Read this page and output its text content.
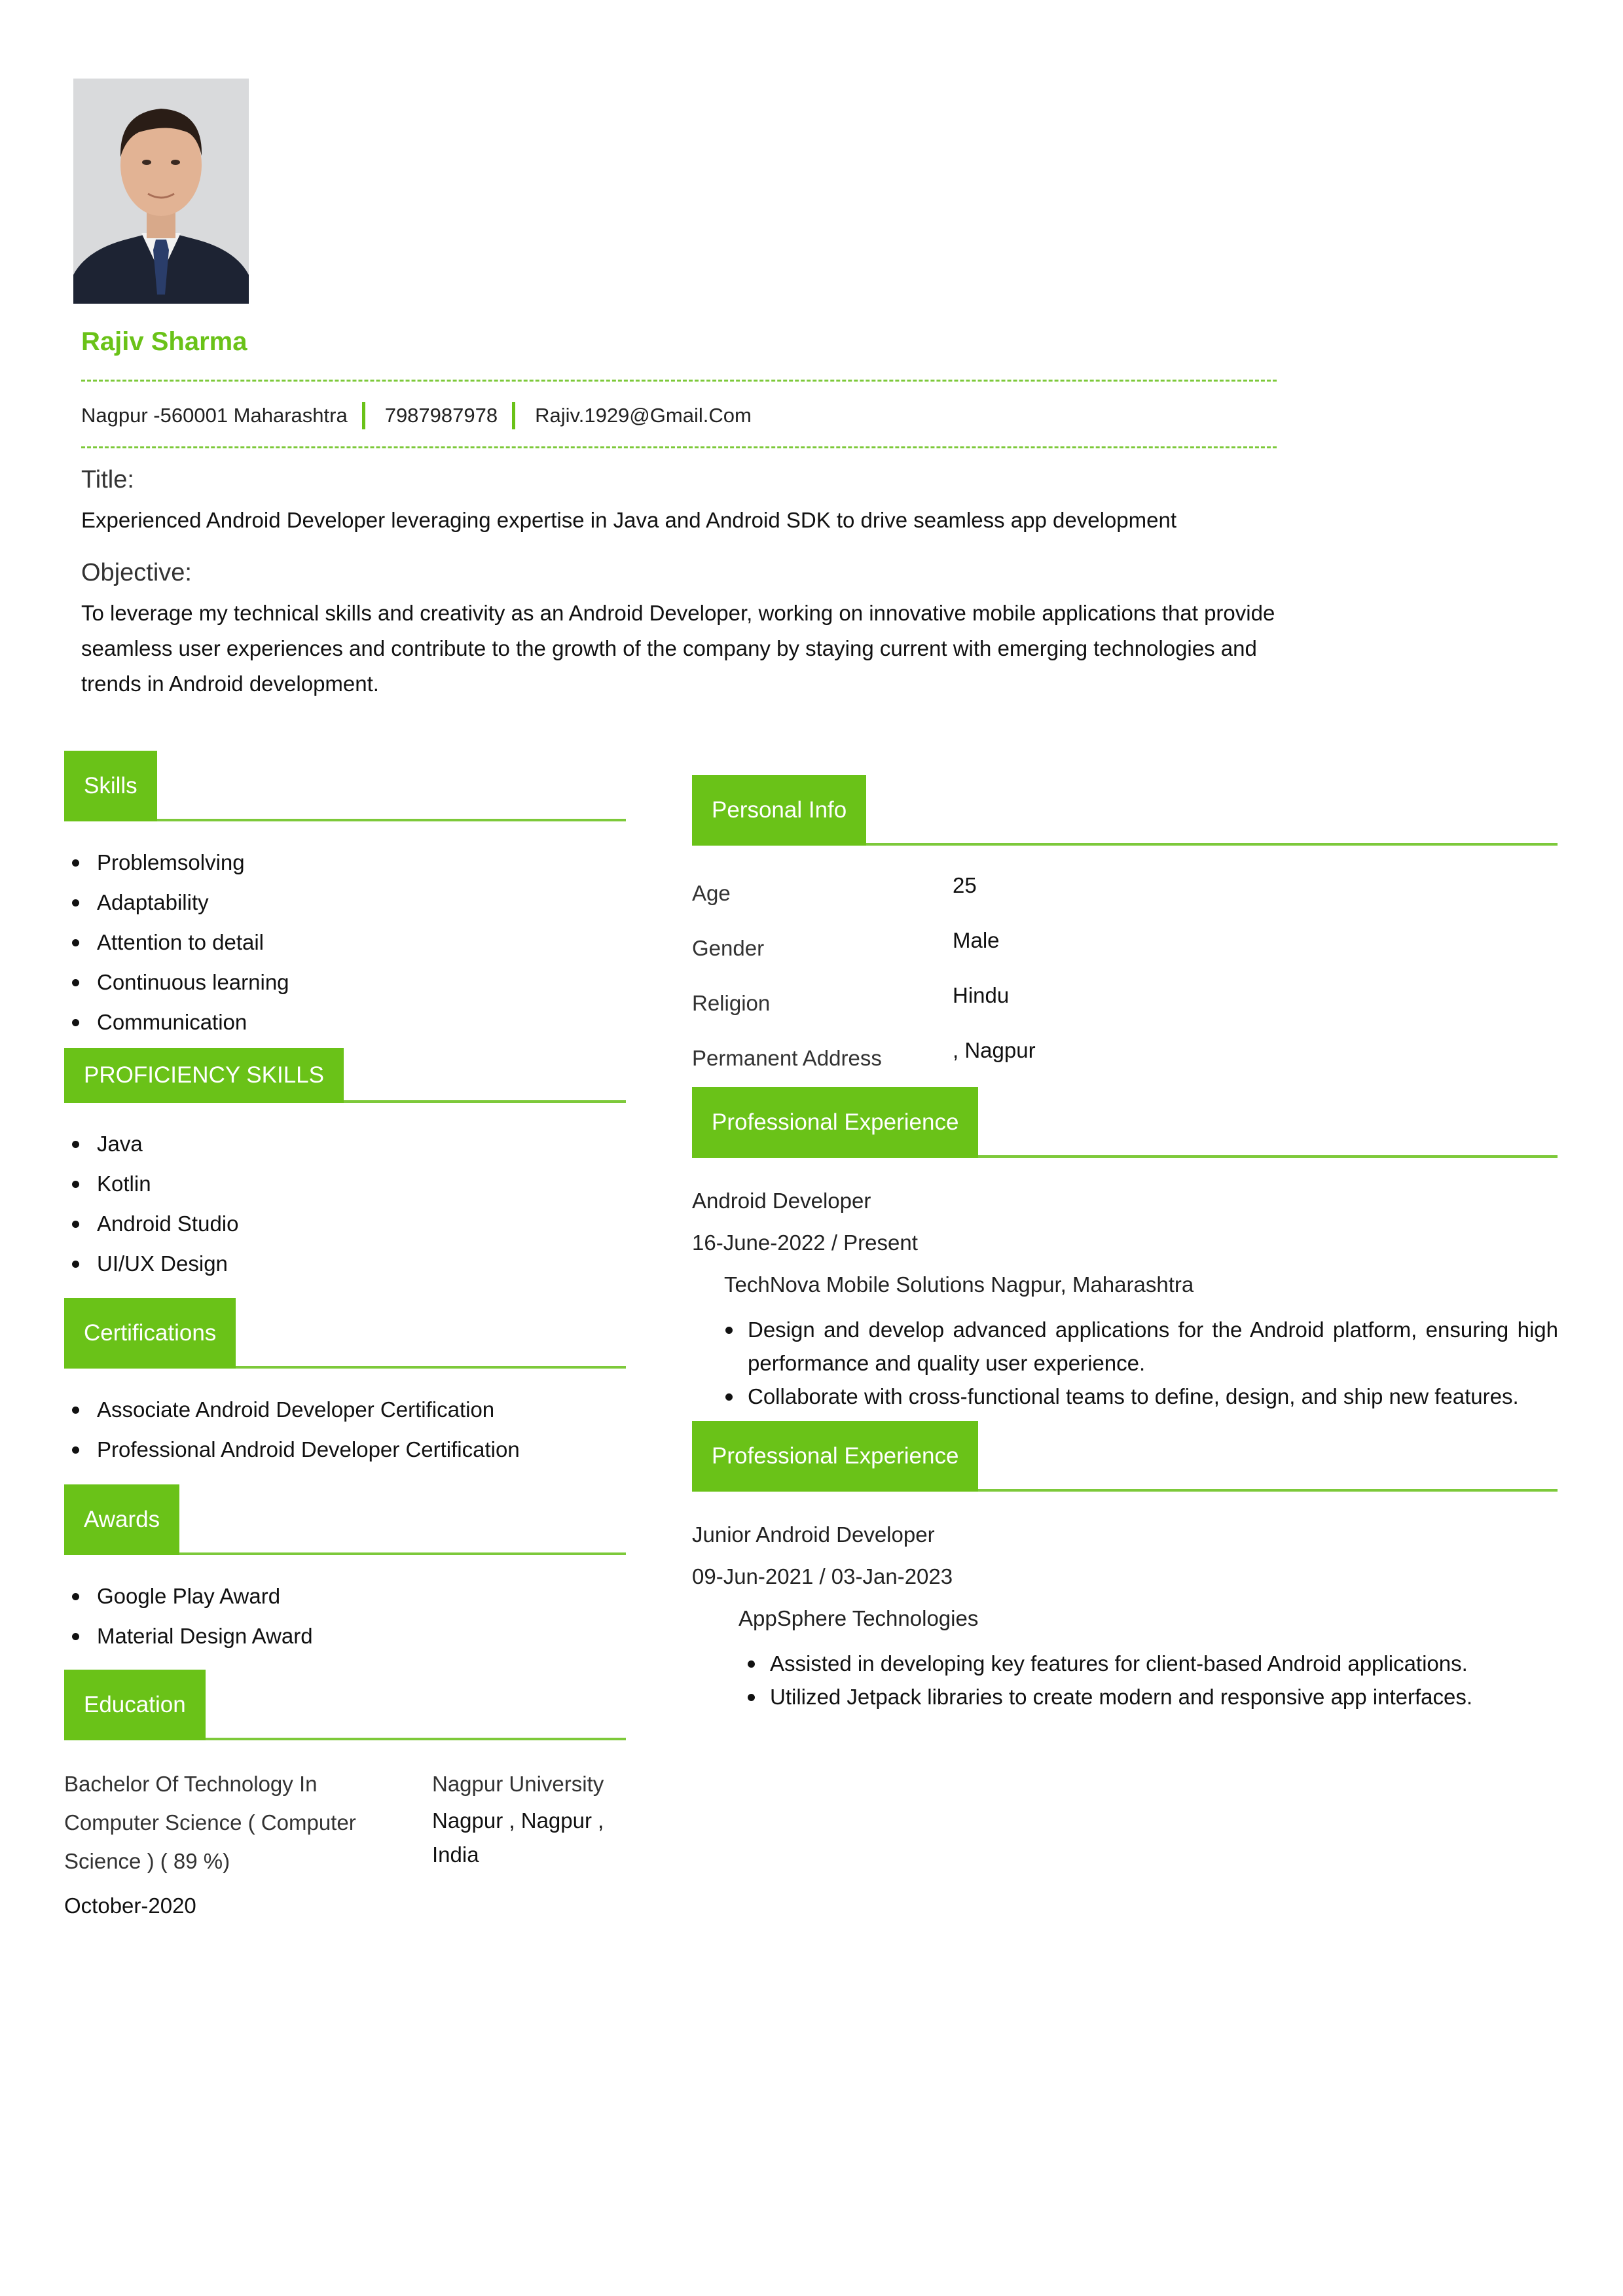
Rajiv Sharma
Nagpur -560001 Maharashtra 7987987978 Rajiv.1929@Gmail.Com
Title:
Experienced Android Developer leveraging expertise in Java and Android SDK to drive seamless app development
Objective:
To leverage my technical skills and creativity as an Android Developer, working on innovative mobile applications that provide seamless user experiences and contribute to the growth of the company by staying current with emerging technologies and trends in Android development.
Skills
Problemsolving
Adaptability
Attention to detail
Continuous learning
Communication
PROFICIENCY SKILLS
Java
Kotlin
Android Studio
UI/UX Design
Certifications
Associate Android Developer Certification
Professional Android Developer Certification
Awards
Google Play Award
Material Design Award
Education
Bachelor Of Technology In
Computer Science ( Computer
Science ) ( 89 %)
Nagpur University
Nagpur , Nagpur ,
India
October-2020
Personal Info
Age	25
Gender	Male
Religion	Hindu
Permanent Address	, Nagpur
Professional Experience
Android Developer
16-June-2022 / Present
TechNova Mobile Solutions Nagpur, Maharashtra
Design and develop advanced applications for the Android platform, ensuring high performance and quality user experience.
Collaborate with cross-functional teams to define, design, and ship new features.
Professional Experience
Junior Android Developer
09-Jun-2021 / 03-Jan-2023
AppSphere Technologies
Assisted in developing key features for client-based Android applications.
Utilized Jetpack libraries to create modern and responsive app interfaces.
